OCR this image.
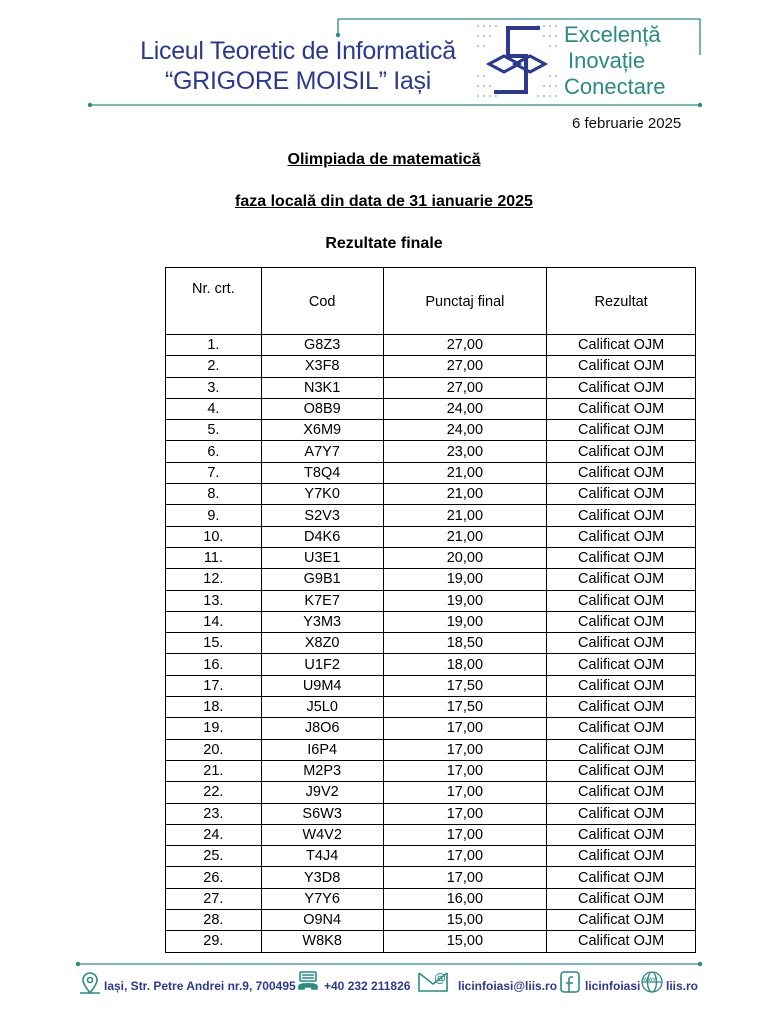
Liceul Teoretic de Informatică
“GRIGORE MOISIL” Iași
Excelență
Inovație
Conectare
6 februarie 2025
Olimpiada de matematică
faza locală din data de 31 ianuarie 2025
Rezultate finale
Nr. crt.	Cod	Punctaj final	Rezultat
1.	G8Z3	27,00	Calificat OJM
2.	X3F8	27,00	Calificat OJM
3.	N3K1	27,00	Calificat OJM
4.	O8B9	24,00	Calificat OJM
5.	X6M9	24,00	Calificat OJM
6.	A7Y7	23,00	Calificat OJM
7.	T8Q4	21,00	Calificat OJM
8.	Y7K0	21,00	Calificat OJM
9.	S2V3	21,00	Calificat OJM
10.	D4K6	21,00	Calificat OJM
11.	U3E1	20,00	Calificat OJM
12.	G9B1	19,00	Calificat OJM
13.	K7E7	19,00	Calificat OJM
14.	Y3M3	19,00	Calificat OJM
15.	X8Z0	18,50	Calificat OJM
16.	U1F2	18,00	Calificat OJM
17.	U9M4	17,50	Calificat OJM
18.	J5L0	17,50	Calificat OJM
19.	J8O6	17,00	Calificat OJM
20.	I6P4	17,00	Calificat OJM
21.	M2P3	17,00	Calificat OJM
22.	J9V2	17,00	Calificat OJM
23.	S6W3	17,00	Calificat OJM
24.	W4V2	17,00	Calificat OJM
25.	T4J4	17,00	Calificat OJM
26.	Y3D8	17,00	Calificat OJM
27.	Y7Y6	16,00	Calificat OJM
28.	O9N4	15,00	Calificat OJM
29.	W8K8	15,00	Calificat OJM
Iași, Str. Petre Andrei nr.9, 700495 +40 232 211826
@
licinfoiasi@liis.ro licinfoiasi www liis.ro
